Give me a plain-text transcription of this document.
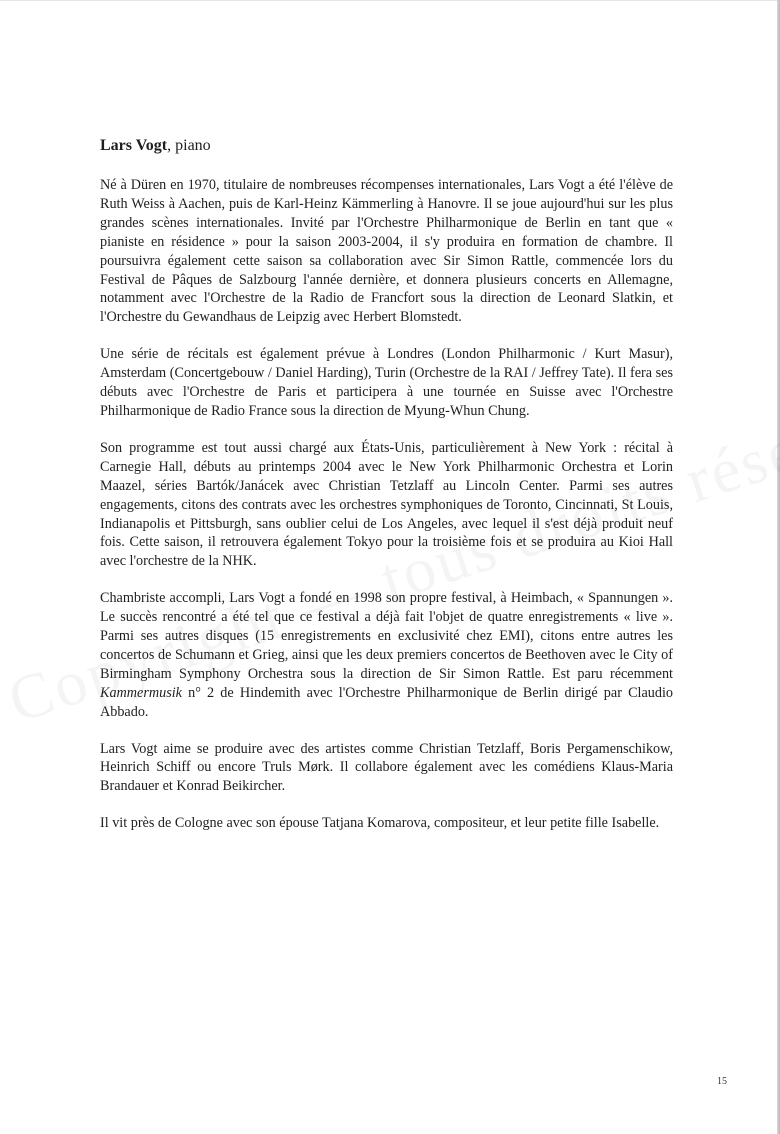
Lars Vogt, piano

Né à Düren en 1970, titulaire de nombreuses récompenses internationales, Lars Vogt a été l'élève de Ruth Weiss à Aachen, puis de Karl-Heinz Kämmerling à Hanovre. Il se joue aujourd'hui sur les plus grandes scènes internationales. Invité par l'Orchestre Philharmonique de Berlin en tant que « pianiste en résidence » pour la saison 2003-2004, il s'y produira en formation de chambre. Il poursuivra également cette saison sa collaboration avec Sir Simon Rattle, commencée lors du Festival de Pâques de Salzbourg l'année dernière, et donnera plusieurs concerts en Allemagne, notamment avec l'Orchestre de la Radio de Francfort sous la direction de Leonard Slatkin, et l'Orchestre du Gewandhaus de Leipzig avec Herbert Blomstedt.

Une série de récitals est également prévue à Londres (London Philharmonic / Kurt Masur), Amsterdam (Concertgebouw / Daniel Harding), Turin (Orchestre de la RAI / Jeffrey Tate). Il fera ses débuts avec l'Orchestre de Paris et participera à une tournée en Suisse avec l'Orchestre Philharmonique de Radio France sous la direction de Myung-Whun Chung.

Son programme est tout aussi chargé aux États-Unis, particulièrement à New York : récital à Carnegie Hall, débuts au printemps 2004 avec le New York Philharmonic Orchestra et Lorin Maazel, séries Bartók/Janácek avec Christian Tetzlaff au Lincoln Center. Parmi ses autres engagements, citons des contrats avec les orchestres symphoniques de Toronto, Cincinnati, St Louis, Indianapolis et Pittsburgh, sans oublier celui de Los Angeles, avec lequel il s'est déjà produit neuf fois. Cette saison, il retrouvera également Tokyo pour la troisième fois et se produira au Kioi Hall avec l'orchestre de la NHK.

Chambriste accompli, Lars Vogt a fondé en 1998 son propre festival, à Heimbach, « Spannungen ». Le succès rencontré a été tel que ce festival a déjà fait l'objet de quatre enregistrements « live ». Parmi ses autres disques (15 enregistrements en exclusivité chez EMI), citons entre autres les concertos de Schumann et Grieg, ainsi que les deux premiers concertos de Beethoven avec le City of Birmingham Symphony Orchestra sous la direction de Sir Simon Rattle. Est paru récemment Kammermusik n° 2 de Hindemith avec l'Orchestre Philharmonique de Berlin dirigé par Claudio Abbado.

Lars Vogt aime se produire avec des artistes comme Christian Tetzlaff, Boris Pergamenschikow, Heinrich Schiff ou encore Truls Mørk. Il collabore également avec les comédiens Klaus-Maria Brandauer et Konrad Beikircher.

Il vit près de Cologne avec son épouse Tatjana Komarova, compositeur, et leur petite fille Isabelle.

15
